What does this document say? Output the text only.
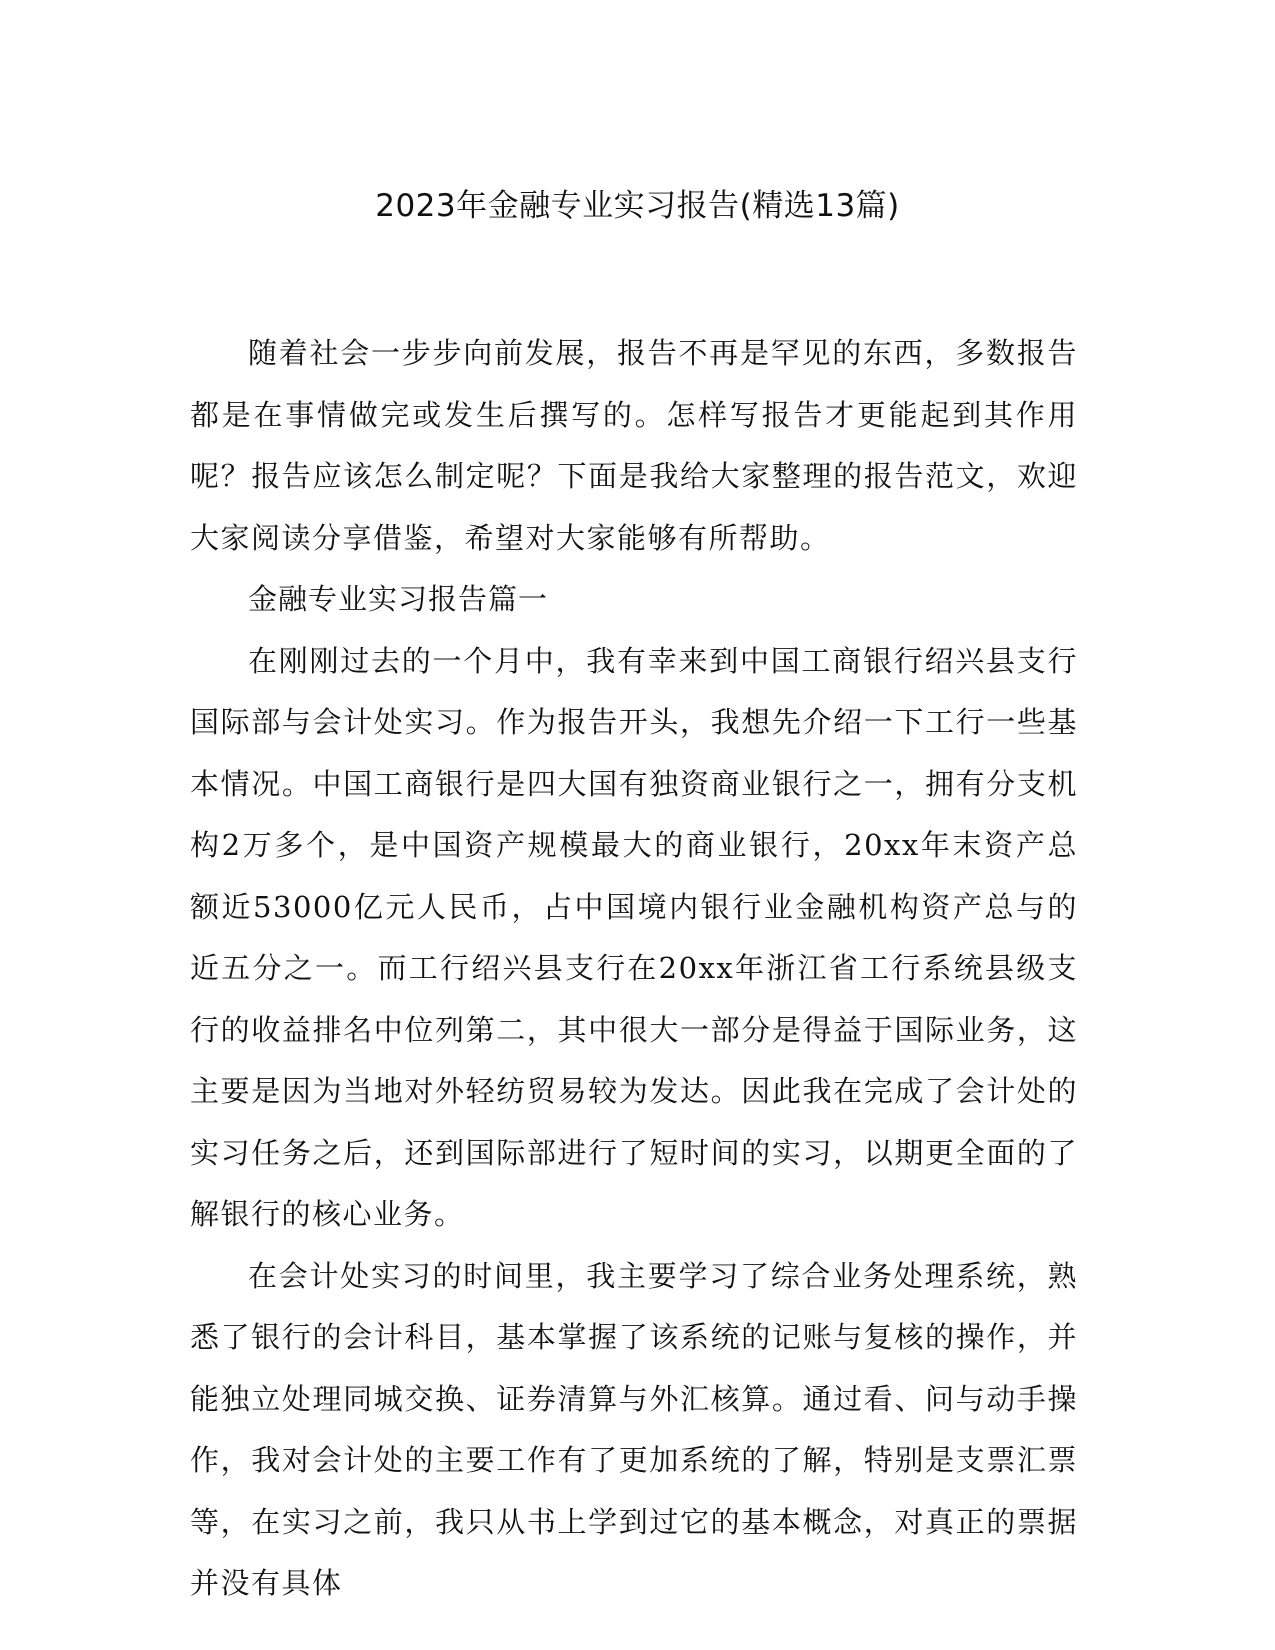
2023年金融专业实习报告(精选13篇)

随着社会一步步向前发展，报告不再是罕见的东西，多数报告都是在事情做完或发生后撰写的。怎样写报告才更能起到其作用呢？报告应该怎么制定呢？下面是我给大家整理的报告范文，欢迎大家阅读分享借鉴，希望对大家能够有所帮助。

金融专业实习报告篇一

在刚刚过去的一个月中，我有幸来到中国工商银行绍兴县支行国际部与会计处实习。作为报告开头，我想先介绍一下工行一些基本情况。中国工商银行是四大国有独资商业银行之一，拥有分支机构2万多个，是中国资产规模最大的商业银行，20xx年末资产总额近53000亿元人民币，占中国境内银行业金融机构资产总与的近五分之一。而工行绍兴县支行在20xx年浙江省工行系统县级支行的收益排名中位列第二，其中很大一部分是得益于国际业务，这主要是因为当地对外轻纺贸易较为发达。因此我在完成了会计处的实习任务之后，还到国际部进行了短时间的实习，以期更全面的了解银行的核心业务。

在会计处实习的时间里，我主要学习了综合业务处理系统，熟悉了银行的会计科目，基本掌握了该系统的记账与复核的操作，并能独立处理同城交换、证券清算与外汇核算。通过看、问与动手操作，我对会计处的主要工作有了更加系统的了解，特别是支票汇票等，在实习之前，我只从书上学到过它的基本概念，对真正的票据并没有具体
